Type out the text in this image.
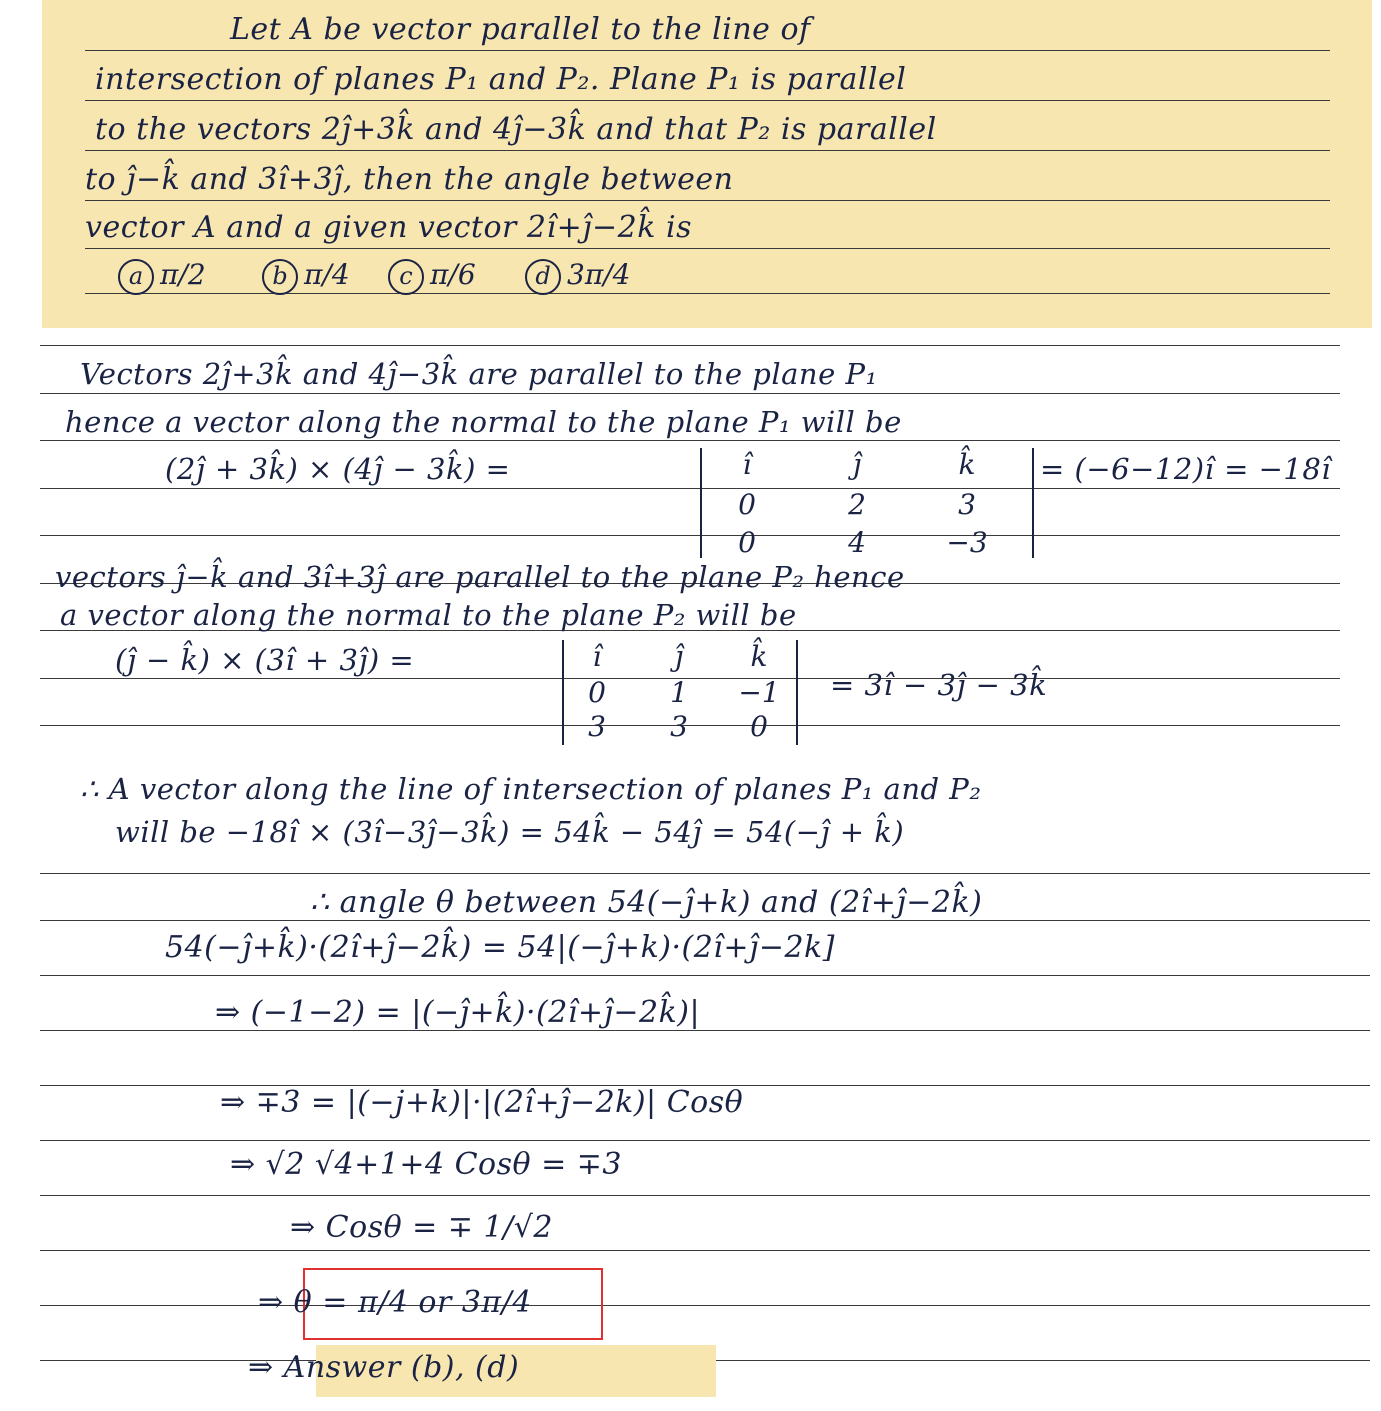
Let A be vector parallel to the line of
intersection of planes P₁ and P₂. Plane P₁ is parallel
to the vectors 2ĵ+3k̂ and 4ĵ−3k̂ and that P₂ is parallel
to ĵ−k̂ and 3î+3ĵ, then the angle between
vector A and a given vector 2î+ĵ−2k̂ is
a π/2	b π/4	c π/6	d 3π/4
Vectors 2ĵ+3k̂ and 4ĵ−3k̂ are parallel to the plane P₁
hence a vector along the normal to the plane P₁ will be
(2ĵ + 3k̂) × (4ĵ − 3k̂) =	î	ĵ	k̂
0	2	3
0	4	−3
= (−6−12)î = −18î
vectors ĵ−k̂ and 3î+3ĵ are parallel to the plane P₂ hence
a vector along the normal to the plane P₂ will be
(ĵ − k̂) × (3î + 3ĵ) =	î	ĵ	k̂
0	1	−1
3	3	0
= 3î − 3ĵ − 3k̂
∴ A vector along the line of intersection of planes P₁ and P₂
will be −18î × (3î−3ĵ−3k̂) = 54k̂ − 54ĵ = 54(−ĵ + k̂)
∴ angle θ between 54(−ĵ+k) and (2î+ĵ−2k̂)
54(−ĵ+k̂)·(2î+ĵ−2k̂) = 54|(−ĵ+k)·(2î+ĵ−2k]
⇒ (−1−2) = |(−ĵ+k̂)·(2î+ĵ−2k̂)|
⇒ ∓3 = |(−j+k)|·|(2î+ĵ−2k)| Cosθ
⇒ √2 √4+1+4 Cosθ = ∓3
⇒ Cosθ = ∓ 1/√2
⇒ θ = π/4 or 3π/4
⇒ Answer (b), (d)
